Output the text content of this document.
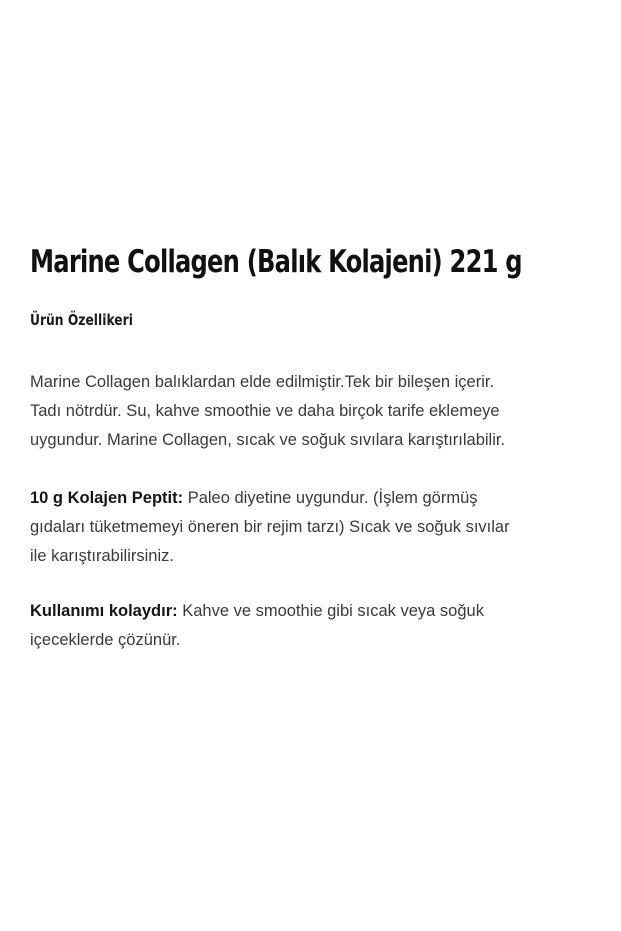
Marine Collagen (Balık Kolajeni) 221 g
Ürün Özellikeri

Marine Collagen balıklardan elde edilmiştir.Tek bir bileşen içerir.
Tadı nötrdür. Su, kahve smoothie ve daha birçok tarife eklemeye
uygundur. Marine Collagen, sıcak ve soğuk sıvılara karıştırılabilir.

10 g Kolajen Peptit: Paleo diyetine uygundur. (İşlem görmüş
gıdaları tüketmemeyi öneren bir rejim tarzı) Sıcak ve soğuk sıvılar
ile karıştırabilirsiniz.

Kullanımı kolaydır: Kahve ve smoothie gibi sıcak veya soğuk
içeceklerde çözünür.
